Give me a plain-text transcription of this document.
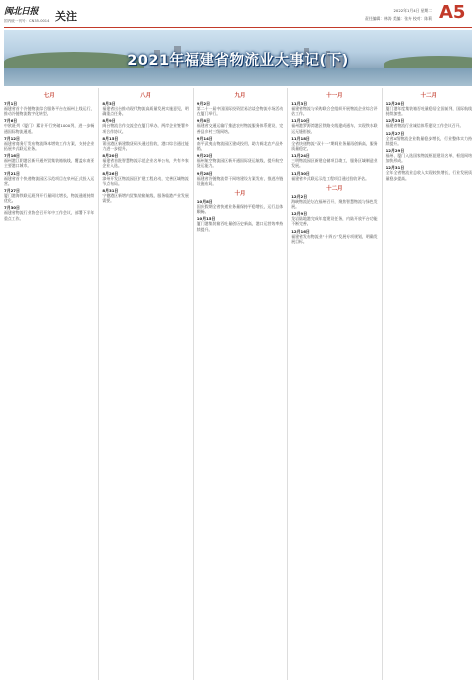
闽北日报
国内统一刊号：CN35-0014 关注	2022年1月4日 星期二
责任编辑：林涛 美编：张卉 校对：陈莉 A5
2021年福建省物流业大事记(下)
七月
7月1日
福建省首个冷链物流综合服务平台在福州上线运行，推动冷链物流数字化转型。
7月6日
中欧班列（厦门）累计开行突破1000列，进一步畅通国际物流通道。
7月12日
福建省商务厅发布物流降本增效工作方案，支持企业拓展多式联运业务。
7月16日
福州港江阴港区新开通外贸集装箱航线，覆盖东南亚主要港口城市。
7月21日
福建省首个快递物流园区示范项目在泉州正式投入运营。
7月27日
厦门港海铁联运班列开行量同比增长，物流通道持续优化。
7月30日
福建省物流行业协会召开年中工作会议，部署下半年重点工作。
八月
8月3日
福建省出台推动现代物流高质量发展实施意见，明确重点任务。
8月9日
闽台物流合作交流会在厦门举办，两岸企业签署多项合作协议。
8月15日
莆田港区新建散货码头通过验收，港口综合通过能力进一步提升。
8月20日
福建省首批智慧物流示范企业名单公布，共有多家企业入选。
8月26日
漳州开发区物流园区扩建工程启动，完善区域物流节点布局。
8月31日
宁德港区新增内贸集装箱航线，服务临港产业发展需要。
九月
9月2日
第二十一届中国国际投资贸易洽谈会物流专场活动在厦门举行。
9月8日
福建省交通运输厅推进农村物流服务体系建设，完善县乡村三级网络。
9月14日
南平武夷山物流园区建成投用，助力闽北农产品外销。
9月22日
福州航空物流园区新开通国际货运航线，提升航空货运能力。
9月28日
福建省冷链物流骨干网络建设方案发布，推进冷链设施布局。
十月
10月8日
国庆假期全省快递业务量保持平稳增长，运行总体顺畅。
10月15日
厦门港集装箱吞吐量创历史新高，港口运营效率持续提升。
十一月
11月3日
福建省物流与采购联合会组织开展物流企业综合评估工作。
11月10日
福州港罗源湾港区铁路支线建成通车，实现铁水联运无缝衔接。
11月18日
全省快递物流“双十一”期间业务量再创新高，服务质量稳定。
11月24日
三明物流园区新建仓储项目竣工，服务区域制造业发展。
11月30日
福建省多式联运示范工程项目通过验收评估。
十二月
12月2日
海峡物流论坛在福州召开，聚焦智慧物流与绿色发展。
12月9日
龙岩陆地港完成年度建设任务，内陆开放平台功能不断完善。
12月16日
福建省发布物流业“十四五”发展专项规划，明确发展目标。
十二月
12月20日
厦门港年度集装箱吞吐量稳居全国前列，国际航线持续加密。
12月23日
福建省物流行业诚信体系建设工作会议召开。
12月27日
全省A级物流企业数量稳步增长，行业整体实力持续提升。
12月29日
福州、厦门入选国家物流枢纽建设名单，枢纽网络加快形成。
12月31日
全年全省物流业总收入实现较快增长，行业发展质量稳步提高。
